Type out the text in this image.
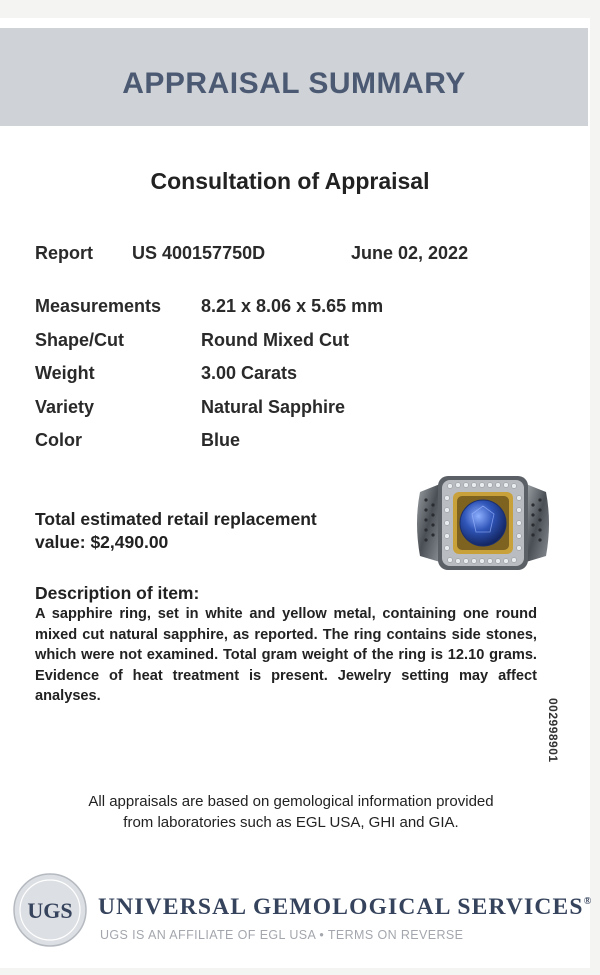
APPRAISAL SUMMARY
Consultation of Appraisal
Report US 400157750D	June 02, 2022
Measurements 8.21 x 8.06 x 5.65 mm
Shape/Cut	Round Mixed Cut
Weight	3.00 Carats
Variety	Natural Sapphire
Color	Blue
Total estimated retail replacement
value: $2,490.00
Description of item:
A sapphire ring, set in white and yellow metal, containing one round mixed cut natural sapphire, as reported. The ring contains side stones, which were not examined. Total gram weight of the ring is 12.10 grams. Evidence of heat treatment is present. Jewelry setting may affect analyses.
002998901
All appraisals are based on gemological information provided
from laboratories such as EGL USA, GHI and GIA.
UGS UNIVERSAL GEMOLOGICAL SERVICES®
UGS IS AN AFFILIATE OF EGL USA • TERMS ON REVERSE
